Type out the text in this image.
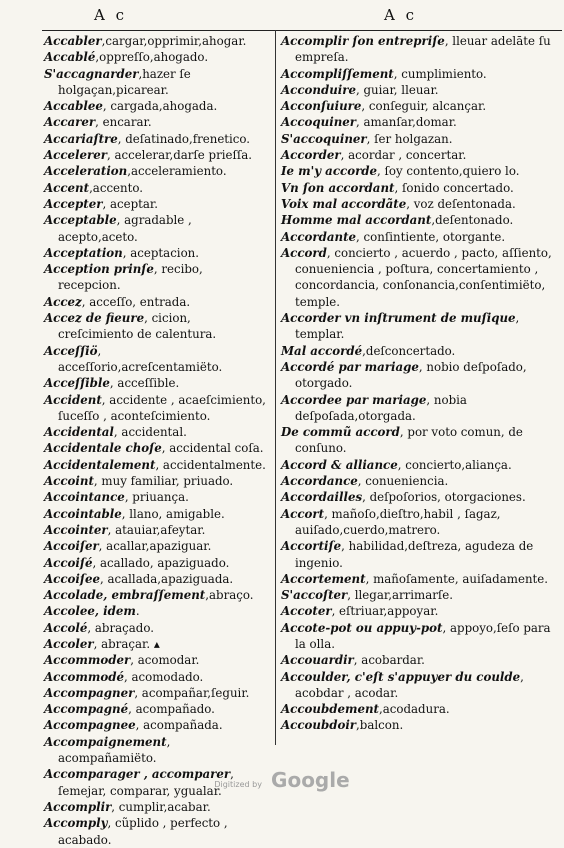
A c	A c

Accabler,cargar,opprimir,ahogar.

Accablé,oppreſſo,ahogado.

S'accagnarder,hazer ſe holgaçan,picarear.

Accablee, cargada,ahogada.

Accarer, encarar.

Accariaſtre, deſatinado,frenetico.

Accelerer, accelerar,darſe prieſſa.

Acceleration,acceleramiento.

Accent,accento.

Accepter, aceptar.

Acceptable, agradable , acepto,aceto.

Acceptation, aceptacion.

Acception prinſe, recibo, recepcion.

Accez, acceſſo, entrada.

Accez de fieure, cicion, creſcimiento de calentura.

Acceſſiö, acceſſorio,acreſcentamiëto.

Acceſſible, acceſſible.

Accident, accidente , acaeſcimiento, ſuceſſo , aconteſcimiento.

Accidental, accidental.

Accidentale choſe, accidental coſa.

Accidentalement, accidentalmente.

Accoint, muy familiar, priuado.

Accointance, priuança.

Accointable, llano, amigable.

Accointer, atauiar,afeytar.

Accoiſer, acallar,apaziguar.

Accoiſé, acallado, apaziguado.

Accoiſee, acallada,apaziguada.

Accolade, embraſſement,abraço.

Accolee, idem.

Accolé, abraçado.

Accoler, abraçar. ▴

Accommoder, acomodar.

Accommodé, acomodado.

Accompagner, acompañar,ſeguir.

Accompagné, acompañado.

Accompagnee, acompañada.

Accompaignement, acompañamiëto.

Accomparager , accomparer, ſemejar, comparar, ygualar.

Accomplir, cumplir,acabar.

Accomply, cũplido , perfecto , acabado.

Accomplir ſon entrepriſe, lleuar adelāte ſu empreſa.

Accompliſſement, cumplimiento.

Acconduire, guiar, lleuar.

Acconſuiure, conſeguir, alcançar.

Accoquiner, amanſar,domar.

S'accoquiner, ſer holgazan.

Accorder, acordar , concertar.

Ie m'y accorde, ſoy contento,quiero lo.

Vn ſon accordant, ſonido concertado.

Voix mal accordãte, voz deſentonada.

Homme mal accordant,deſentonado.

Accordante, conſintiente, otorgante.

Accord, concierto , acuerdo , pacto, aſſiento, conueniencia , poſtura, concertamiento , concordancia, conſonancia,conſentimiëto, temple.

Accorder vn inſtrument de muſique, templar.

Mal accordé,deſconcertado.

Accordé par mariage, nobio deſpoſado, otorgado.

Accordee par mariage, nobia deſpoſada,otorgada.

De commũ accord, por voto comun, de conſuno.

Accord & alliance, concierto,aliança.

Accordance, conueniencia.

Accordailles, deſpoſorios, otorgaciones.

Accort, mañoſo,dieſtro,habil , ſagaz, auiſado,cuerdo,matrero.

Accortiſe, habilidad,deſtreza, agudeza de ingenio.

Accortement, mañoſamente, auiſadamente.

S'accoſter, llegar,arrimarſe.

Accoter, eſtriuar,appoyar.

Accote-pot ou appuy-pot, appoyo,ſeſo para la olla.

Accouardir, acobardar.

Accoulder, c'eſt s'appuyer du coulde, acobdar , acodar.

Accoubdement,acodadura.

Accoubdoir,balcon.

Digitized by Google
